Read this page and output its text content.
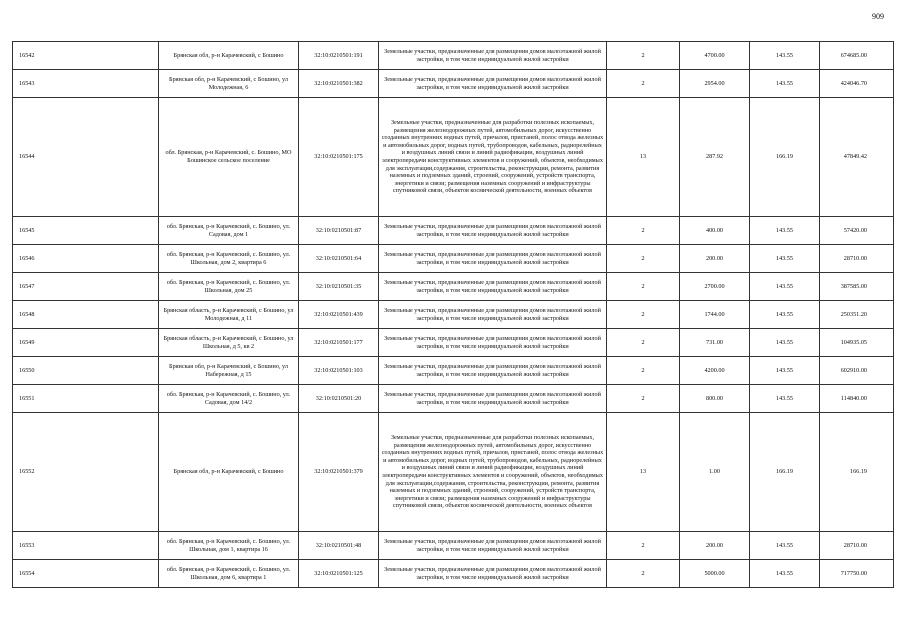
909
16542	Брянская обл, р-н Карачевский, с Бошино	32:10:0210501:191	Земельные участки, предназначенные для размещения домов малоэтажной жилой застройки, в том числе индивидуальной жилой застройки	2	4700.00	143.55	674685.00
16543	Брянская обл, р-н Карачевский, с Бошино, ул Молодежная, 6	32:10:0210501:382	Земельные участки, предназначенные для размещения домов малоэтажной жилой застройки, в том числе индивидуальной жилой застройки	2	2954.00	143.55	424046.70
16544	обл. Брянская, р-н Карачевский, с. Бошино, МО Бошинское сельское поселение	32:10:0210501:175	Земельные участки, предназначенные для разработки полезных ископаемых, размещения железнодорожных путей, автомобильных дорог, искусственно созданных внутренних водных путей, причалов, пристаней, полос отвода железных и автомобильных дорог, водных путей, трубопроводов, кабельных, радиорелейных и воздушных линий связи и линий радиофикации, воздушных линий электропередачи конструктивных элементов и сооружений, объектов, необходимых для эксплуатации,содержания, строительства, реконструкции, ремонта, развития наземных и подземных зданий, строений, сооружений, устройств транспорта, энергетики и связи; размещения наземных сооружений и инфраструктуры спутниковой связи, объектов космической деятельности, военных объектов	13	287.92	166.19	47849.42
16545	обл. Брянская, р-н Карачевский, с. Бошино, ул. Садовая, дом 1	32:10:0210501:87	Земельные участки, предназначенные для размещения домов малоэтажной жилой застройки, в том числе индивидуальной жилой застройки	2	400.00	143.55	57420.00
16546	обл. Брянская, р-н Карачевский, с. Бошино, ул. Школьная, дом 2, квартира 6	32:10:0210501:64	Земельные участки, предназначенные для размещения домов малоэтажной жилой застройки, в том числе индивидуальной жилой застройки	2	200.00	143.55	28710.00
16547	обл. Брянская, р-н Карачевский, с. Бошино, ул. Школьная, дом 25	32:10:0210501:35	Земельные участки, предназначенные для размещения домов малоэтажной жилой застройки, в том числе индивидуальной жилой застройки	2	2700.00	143.55	387585.00
16548	Брянская область, р-н Карачевский, с Бошино, ул Молодежная, д 11	32:10:0210501:439	Земельные участки, предназначенные для размещения домов малоэтажной жилой застройки, в том числе индивидуальной жилой застройки	2	1744.00	143.55	250351.20
16549	Брянская область, р-н Карачевский, с Бошино, ул Школьная, д 5, кв 2	32:10:0210501:177	Земельные участки, предназначенные для размещения домов малоэтажной жилой застройки, в том числе индивидуальной жилой застройки	2	731.00	143.55	104935.05
16550	Брянская обл, р-н Карачевский, с Бошино, ул Набережная, д 15	32:10:0210501:103	Земельные участки, предназначенные для размещения домов малоэтажной жилой застройки, в том числе индивидуальной жилой застройки	2	4200.00	143.55	602910.00
16551	обл. Брянская, р-н Карачевский, с. Бошино, ул. Садовая, дом 14/2	32:10:0210501:20	Земельные участки, предназначенные для размещения домов малоэтажной жилой застройки, в том числе индивидуальной жилой застройки	2	800.00	143.55	114840.00
16552	Брянская обл, р-н Карачевский, с Бошино	32:10:0210501:379	Земельные участки, предназначенные для разработки полезных ископаемых, размещения железнодорожных путей, автомобильных дорог, искусственно созданных внутренних водных путей, причалов, пристаней, полос отвода железных и автомобильных дорог, водных путей, трубопроводов, кабельных, радиорелейных и воздушных линий связи и линий радиофикации, воздушных линий электропередачи конструктивных элементов и сооружений, объектов, необходимых для эксплуатации,содержания, строительства, реконструкции, ремонта, развития наземных и подземных зданий, строений, сооружений, устройств транспорта, энергетики и связи; размещения наземных сооружений и инфраструктуры спутниковой связи, объектов космической деятельности, военных объектов	13	1.00	166.19	166.19
16553	обл. Брянская, р-н Карачевский, с. Бошино, ул. Школьная, дом 1, квартира 16	32:10:0210501:48	Земельные участки, предназначенные для размещения домов малоэтажной жилой застройки, в том числе индивидуальной жилой застройки	2	200.00	143.55	28710.00
16554	обл. Брянская, р-н Карачевский, с. Бошино, ул. Школьная, дом 6, квартира 1	32:10:0210501:125	Земельные участки, предназначенные для размещения домов малоэтажной жилой застройки, в том числе индивидуальной жилой застройки	2	5000.00	143.55	717750.00
